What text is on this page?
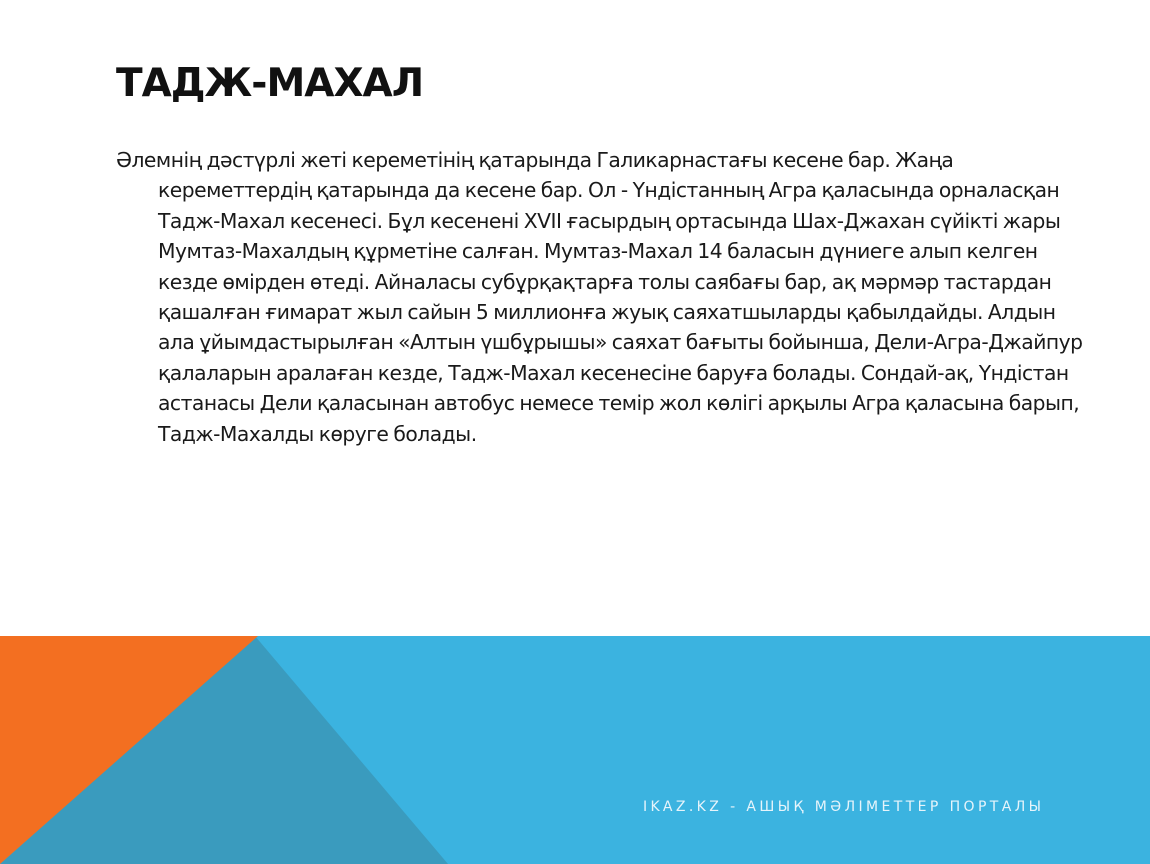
ТАДЖ-МАХАЛ

Әлемнің дәстүрлі жеті кереметінің қатарында Галикарнастағы кесене бар. Жаңа кереметтердің қатарында да кесене бар. Ол - Үндістанның Агра қаласында орналасқан Тадж-Махал кесенесі. Бұл кесенені XVII ғасырдың ортасында Шах-Джахан сүйікті жары Мумтаз-Махалдың құрметіне салған. Мумтаз-Махал 14 баласын дүниеге алып келген кезде өмірден өтеді. Айналасы субұрқақтарға толы саябағы бар, ақ мәрмәр тастардан қашалған ғимарат жыл сайын 5 миллионға жуық саяхатшыларды қабылдайды. Алдын ала ұйымдастырылған «Алтын үшбұрышы» саяхат бағыты бойынша, Дели-Агра-Джайпур қалаларын аралаған кезде, Тадж-Махал кесенесіне баруға болады. Сондай-ақ, Үндістан астанасы Дели қаласынан автобус немесе темір жол көлігі арқылы Агра қаласына барып, Тадж-Махалды көруге болады.

IKAZ.KZ - АШЫҚ МӘЛІМЕТТЕР ПОРТАЛЫ
